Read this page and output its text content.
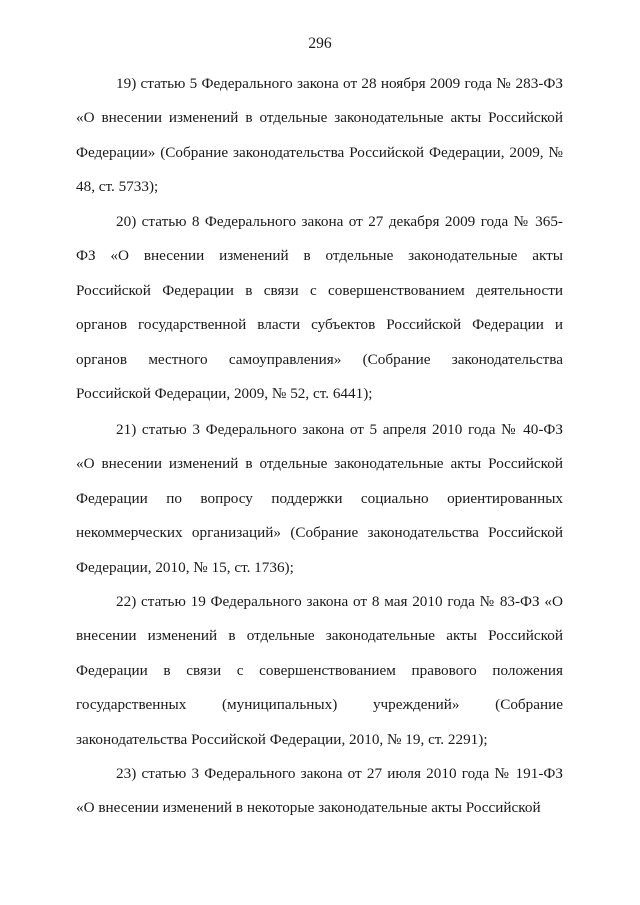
296

19) статью 5 Федерального закона от 28 ноября 2009 года № 283-ФЗ «О внесении изменений в отдельные законодательные акты Российской Федерации» (Собрание законодательства Российской Федерации, 2009, № 48, ст. 5733);

20) статью 8 Федерального закона от 27 декабря 2009 года № 365-ФЗ «О внесении изменений в отдельные законодательные акты Российской Федерации в связи с совершенствованием деятельности органов государственной власти субъектов Российской Федерации и органов местного самоуправления» (Собрание законодательства Российской Федерации, 2009, № 52, ст. 6441);

21) статью 3 Федерального закона от 5 апреля 2010 года № 40-ФЗ «О внесении изменений в отдельные законодательные акты Российской Федерации по вопросу поддержки социально ориентированных некоммерческих организаций» (Собрание законодательства Российской Федерации, 2010, № 15, ст. 1736);

22) статью 19 Федерального закона от 8 мая 2010 года № 83-ФЗ «О внесении изменений в отдельные законодательные акты Российской Федерации в связи с совершенствованием правового положения государственных (муниципальных) учреждений» (Собрание законодательства Российской Федерации, 2010, № 19, ст. 2291);

23) статью 3 Федерального закона от 27 июля 2010 года № 191-ФЗ «О внесении изменений в некоторые законодательные акты Российской
